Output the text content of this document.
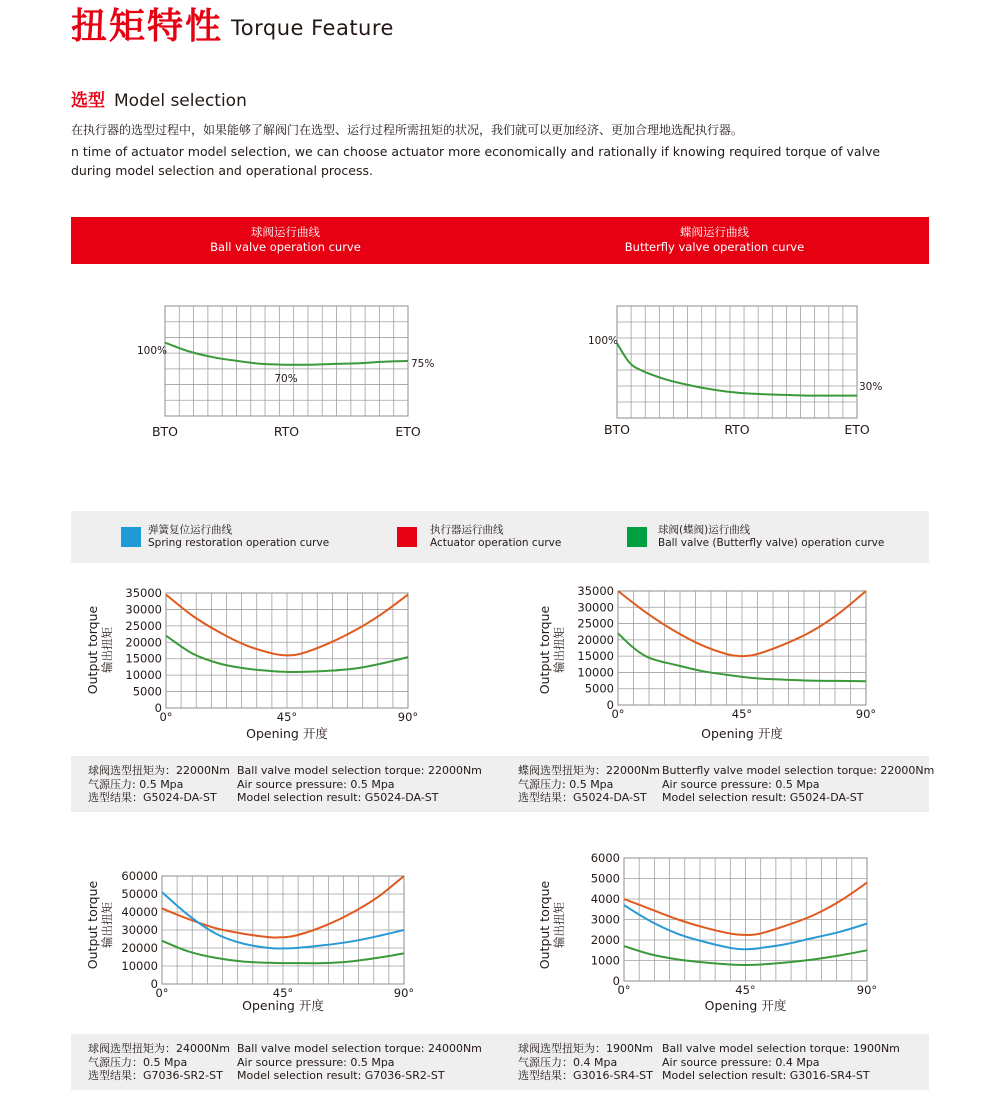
扭矩特性 Torque Feature
选型 Model selection
在执行器的选型过程中，如果能够了解阀门在选型、运行过程所需扭矩的状况，我们就可以更加经济、更加合理地选配执行器。
n time of actuator model selection, we can choose actuator more economically and rationally if knowing required torque of valve during model selection and operational process.
球阀运行曲线
Ball valve operation curve
蝶阀运行曲线
Butterfly valve operation curve
弹簧复位运行曲线
Spring restoration operation curve
执行器运行曲线
Actuator operation curve
球阀(蝶阀)运行曲线
Ball valve (Butterfly valve) operation curve
球阀选型扭矩为：22000Nm
气源压力: 0.5 Mpa
选型结果：G5024-DA-ST
Ball valve model selection torque: 22000Nm
Air source pressure: 0.5 Mpa
Model selection result: G5024-DA-ST
蝶阀选型扭矩为：22000Nm
气源压力: 0.5 Mpa
选型结果：G5024-DA-ST
Butterfly valve model selection torque: 22000Nm
Air source pressure: 0.5 Mpa
Model selection result: G5024-DA-ST
球阀选型扭矩为：24000Nm
气源压力：0.5 Mpa
选型结果：G7036-SR2-ST
Ball valve model selection torque: 24000Nm
Air source pressure: 0.5 Mpa
Model selection result: G7036-SR2-ST
球阀选型扭矩为：1900Nm
气源压力：0.4 Mpa
选型结果：G3016-SR4-ST
Ball valve model selection torque: 1900Nm
Air source pressure: 0.4 Mpa
Model selection result: G3016-SR4-ST
BTO	RTO	ETO
100%
70%
75%
BTO	RTO	ETO
100%
30%
0
5000
10000
15000
20000
25000
30000
35000
0°	45°	90°
Opening 开度
Output torque 输出扭矩
0
5000
10000
15000
20000
25000
30000
35000
0°	45°	90°
Opening 开度
Output torque 输出扭矩
0
10000
20000
30000
40000
50000
60000
0°	45°	90°
Opening 开度
Output torque 输出扭矩
0
1000
2000
3000
4000
5000
6000
0°	45°	90°
Opening 开度
Output torque 输出扭矩
